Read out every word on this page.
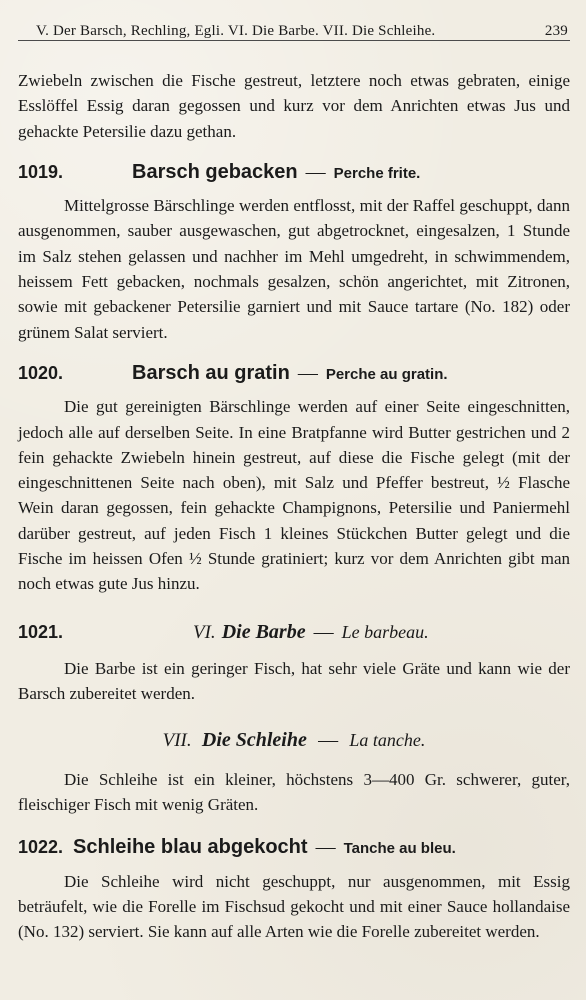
V. Der Barsch, Rechling, Egli. VI. Die Barbe. VII. Die Schleihe.	239

Zwiebeln zwischen die Fische gestreut, letztere noch etwas gebraten, einige Esslöffel Essig daran gegossen und kurz vor dem Anrichten etwas Jus und gehackte Petersilie dazu gethan.

1019.	Barsch gebacken — Perche frite.

Mittelgrosse Bärschlinge werden entflosst, mit der Raffel geschuppt, dann ausgenommen, sauber ausgewaschen, gut abgetrocknet, eingesalzen, 1 Stunde im Salz stehen gelassen und nachher im Mehl umgedreht, in schwimmendem, heissem Fett gebacken, nochmals gesalzen, schön angerichtet, mit Zitronen, sowie mit gebackener Petersilie garniert und mit Sauce tartare (No. 182) oder grünem Salat serviert.

1020.	Barsch au gratin — Perche au gratin.

Die gut gereinigten Bärschlinge werden auf einer Seite eingeschnitten, jedoch alle auf derselben Seite. In eine Bratpfanne wird Butter gestrichen und 2 fein gehackte Zwiebeln hinein gestreut, auf diese die Fische gelegt (mit der eingeschnittenen Seite nach oben), mit Salz und Pfeffer bestreut, ½ Flasche Wein daran gegossen, fein gehackte Champignons, Petersilie und Paniermehl darüber gestreut, auf jeden Fisch 1 kleines Stückchen Butter gelegt und die Fische im heissen Ofen ½ Stunde gratiniert; kurz vor dem Anrichten gibt man noch etwas gute Jus hinzu.

1021.	VI. Die Barbe — Le barbeau.

Die Barbe ist ein geringer Fisch, hat sehr viele Gräte und kann wie der Barsch zubereitet werden.

VII. Die Schleihe — La tanche.

Die Schleihe ist ein kleiner, höchstens 3—400 Gr. schwerer, guter, fleischiger Fisch mit wenig Gräten.

1022. Schleihe blau abgekocht — Tanche au bleu.

Die Schleihe wird nicht geschuppt, nur ausgenommen, mit Essig beträufelt, wie die Forelle im Fischsud gekocht und mit einer Sauce hollandaise (No. 132) serviert. Sie kann auf alle Arten wie die Forelle zubereitet werden.
